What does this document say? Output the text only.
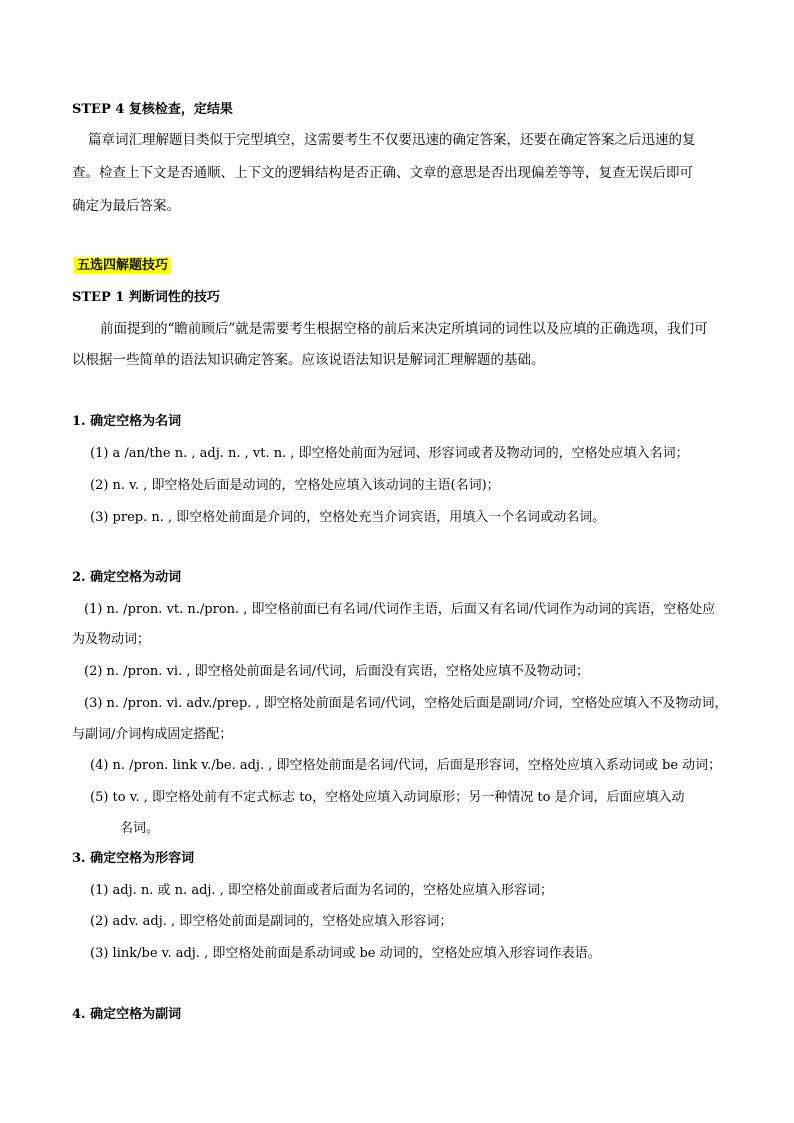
STEP 4 复核检查，定结果
篇章词汇理解题目类似于完型填空，这需要考生不仅要迅速的确定答案，还要在确定答案之后迅速的复
查。检查上下文是否通顺、上下文的逻辑结构是否正确、文章的意思是否出现偏差等等，复查无误后即可
确定为最后答案。
五选四解题技巧
STEP 1 判断词性的技巧
前面提到的“瞻前顾后”就是需要考生根据空格的前后来决定所填词的词性以及应填的正确选项，我们可
以根据一些简单的语法知识确定答案。应该说语法知识是解词汇理解题的基础。
1. 确定空格为名词
(1) a /an/the n. , adj. n. , vt. n. , 即空格处前面为冠词、形容词或者及物动词的，空格处应填入名词；
(2) n. v. , 即空格处后面是动词的，空格处应填入该动词的主语(名词)；
(3) prep. n. , 即空格处前面是介词的，空格处充当介词宾语，用填入一个名词或动名词。
2. 确定空格为动词
(1) n. /pron. vt. n./pron. , 即空格前面已有名词/代词作主语，后面又有名词/代词作为动词的宾语，空格处应
为及物动词；
(2) n. /pron. vi. , 即空格处前面是名词/代词，后面没有宾语，空格处应填不及物动词；
(3) n. /pron. vi. adv./prep. , 即空格处前面是名词/代词，空格处后面是副词/介词，空格处应填入不及物动词，
与副词/介词构成固定搭配；
(4) n. /pron. link v./be. adj. , 即空格处前面是名词/代词，后面是形容词，空格处应填入系动词或 be 动词；
(5) to v. , 即空格处前有不定式标志 to，空格处应填入动词原形；另一种情况 to 是介词，后面应填入动
名词。
3. 确定空格为形容词
(1) adj. n. 或 n. adj. , 即空格处前面或者后面为名词的，空格处应填入形容词；
(2) adv. adj. , 即空格处前面是副词的，空格处应填入形容词；
(3) link/be v. adj. , 即空格处前面是系动词或 be 动词的，空格处应填入形容词作表语。
4. 确定空格为副词
